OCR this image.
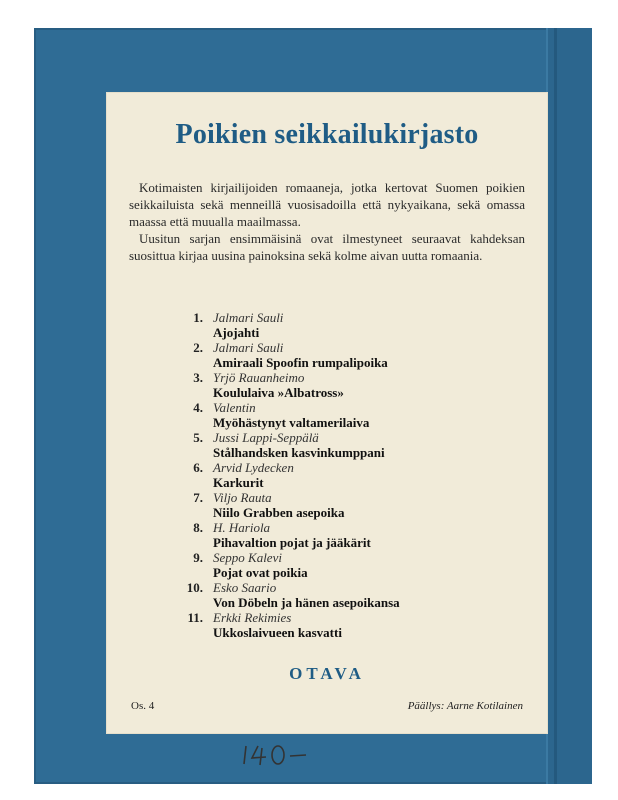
Poikien seikkailukirjasto

Kotimaisten kirjailijoiden romaaneja, jotka kertovat Suomen poikien seikkailuista sekä menneillä vuosisadoilla että nykyaikana, sekä omassa maassa että muualla maailmassa.

Uusitun sarjan ensimmäisinä ovat ilmestyneet seuraavat kahdeksan suosittua kirjaa uusina painoksina sekä kolme aivan uutta romaania.

1. Jalmari Sauli
Ajojahti
2. Jalmari Sauli
Amiraali Spoofin rumpalipoika
3. Yrjö Rauanheimo
Koululaiva »Albatross»
4. Valentin
Myöhästynyt valtamerilaiva
5. Jussi Lappi-Seppälä
Stålhandsken kasvinkumppani
6. Arvid Lydecken
Karkurit
7. Viljo Rauta
Niilo Grabben asepoika
8. H. Hariola
Pihavaltion pojat ja jääkärit
9. Seppo Kalevi
Pojat ovat poikia
10. Esko Saario
Von Döbeln ja hänen asepoikansa
11. Erkki Rekimies
Ukkoslaivueen kasvatti
OTAVA
Os. 4	Päällys: Aarne Kotilainen
